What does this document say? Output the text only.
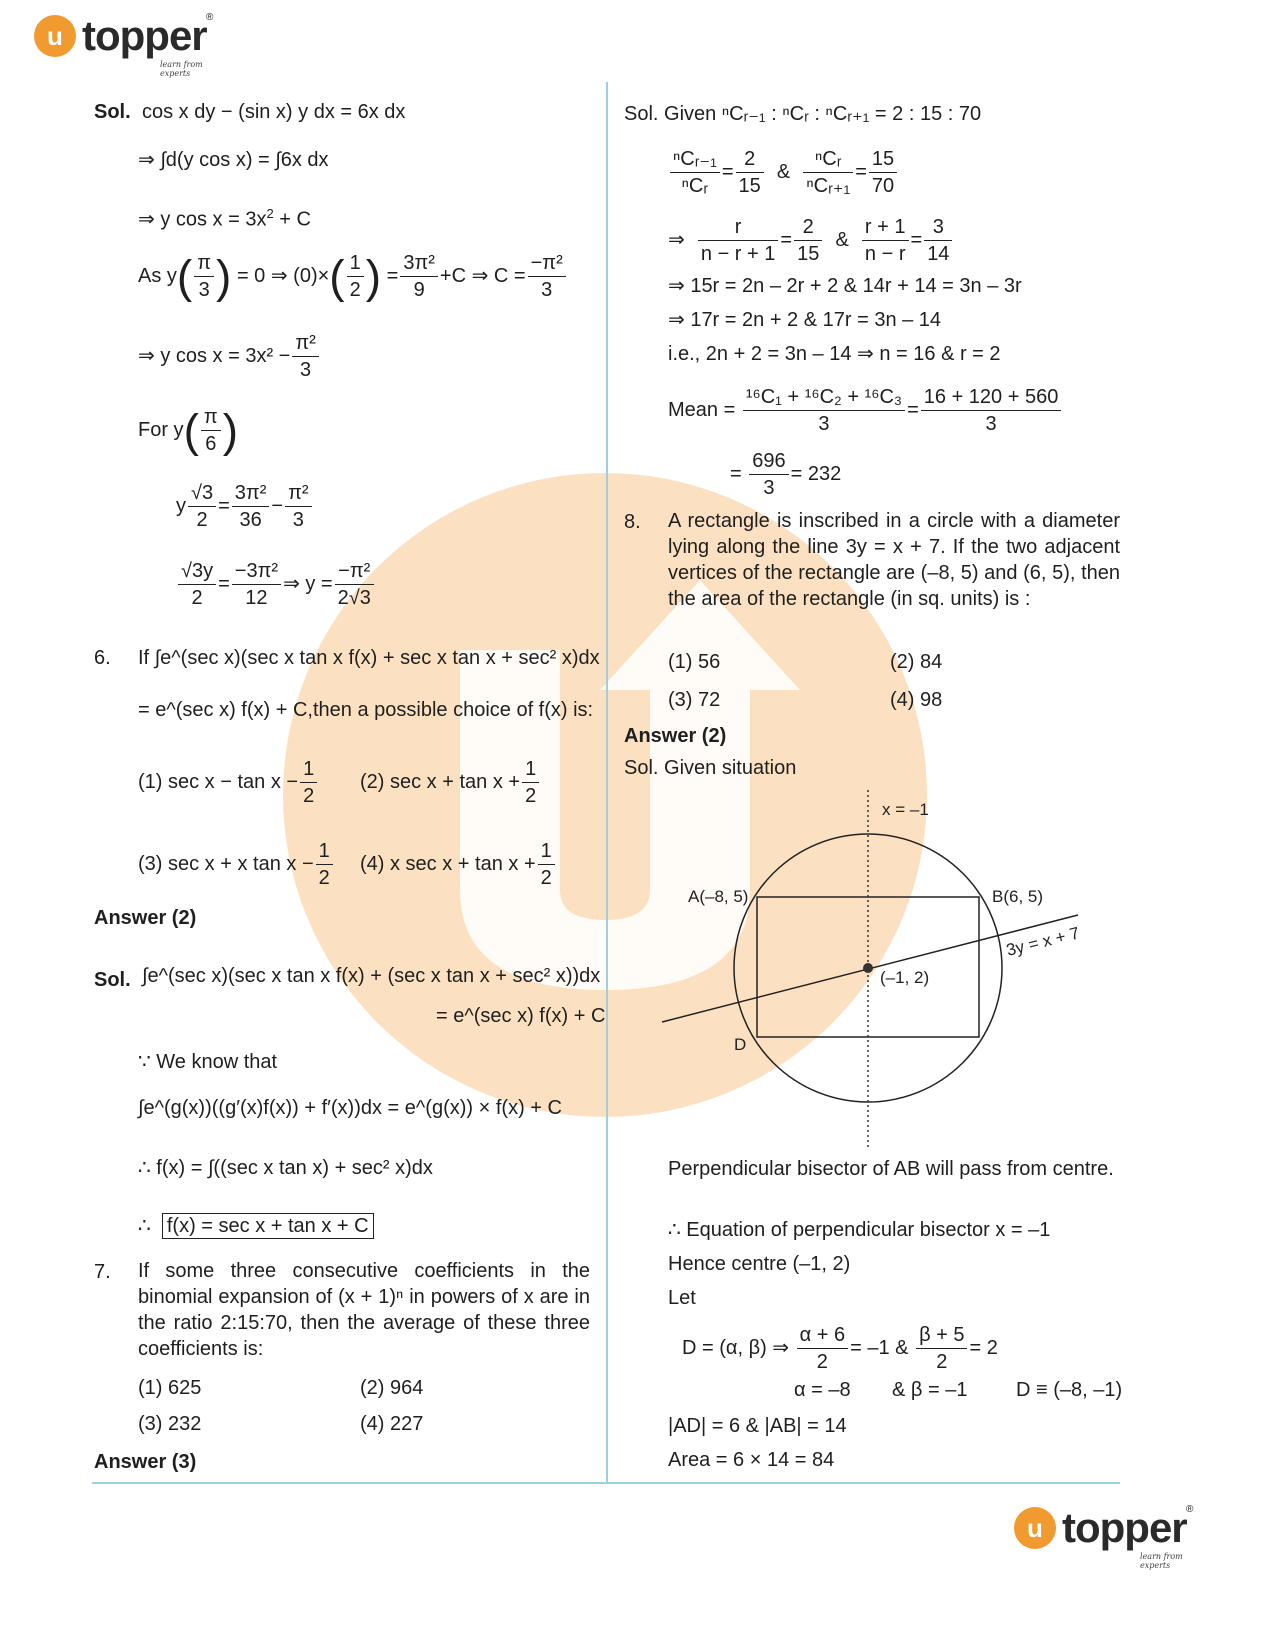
u topper ®
learn from experts
u topper ®
learn from experts
Sol. cos x dy − (sin x) y dx = 6x dx
⇒ ∫d(y cos x) = ∫6x dx
⇒ y $\cos x = 3x^2 + C$
As $y( \frac{\pi}{3}$ ) = 0 ⇒ $(0)\times( \frac{1}{2}$ ) = $\frac{\text{3π²}}{9} +C$ ⇒ $C = \frac{\text{−π²}}{3}$
⇒ y $\cos x = 3x^2 - \frac{\text{π²}}{3}$
For $y( \frac{\pi}{6}$ )
y $\frac{√3}{2} = \frac{\text{3π²}}{36} - \frac{\text{π²}}{3}$
$\frac{√3y}{2} = \frac{\text{−3π²}}{12}$ ⇒ $y = \frac{\text{−π²}}{2√3}$
6. If ∫e^(sec x)(sec x tan x f(x) + sec x tan x + sec² x)dx
= e^(sec x) f(x) + C,then a possible choice of f(x) is:
(1) $\sec x - \tan x - \frac{1}{2} (2)$ $\sec x + \tan x + \frac{1}{2}$
(3) sec x + x $\tan x - \frac{1}{2} (4)$ x $\sec x + \tan x + \frac{1}{2}$
Answer (2)
Sol. ∫e^(sec x)(sec x tan x f(x) + (sec x tan x + sec² x))dx
= e^(sec x) f(x) + C
∵ We know that
∫e^(g(x))((g′(x)f(x)) + f′(x))dx = e^(g(x)) × f(x) + C
∴ f(x) = ∫((sec x tan x) + sec² x)dx
∴ f(x) = sec x + tan x + C
7. If some three consecutive coefficients in the binomial expansion of (x + 1)ⁿ in powers of x are in the ratio 2:15:70, then the average of these three coefficients is:
(1) 625	(2) 964
(3) 232	(4) 227
Answer (3)
Sol. Given ⁿCᵣ₋₁ : ⁿCᵣ : ⁿCᵣ₊₁ = 2 : 15 : 70
$\frac{\text{ⁿCᵣ₋₁}}{\text{ⁿCᵣ}} = \frac{2}{15}$ & $\frac{\text{ⁿCᵣ}}{\text{ⁿCᵣ₊₁}} = \frac{15}{70}$
⇒ $\frac{r}{n - r + 1} = \frac{2}{15}$ & $\frac{r + 1}{n - r} = \frac{3}{14}$
⇒ 15r = 2n – 2r + 2 & 14r + 14 = 3n – 3r
⇒ 17r = 2n + 2 & 17r = 3n – 14
i.e., 2n + 2 = 3n – 14 ⇒ n = 16 & r = 2
Mean = $\frac{\text{¹⁶C₁ + ¹⁶C₂ + ¹⁶C₃}}{3} = \frac{16 + 120 + 560}{3}$
= $\frac{696}{3} = 232$
8. A rectangle is inscribed in a circle with a diameter lying along the line 3y = x + 7. If the two adjacent vertices of the rectangle are (–8, 5) and (6, 5), then the area of the rectangle (in sq. units) is :
(1) 56	(2) 84
(3) 72	(4) 98
Answer (2)
Sol. Given situation
x = –1
A(–8, 5)	B(6, 5)
3y = x + 7
(–1, 2)
D
Perpendicular bisector of AB will pass from centre.
∴ Equation of perpendicular bisector x = –1
Hence centre (–1, 2)
Let
D = (α, β) ⇒ $\frac{\alpha + 6}{2} = -1$ & $\frac{\beta + 5}{2} = 2$
α = –8 & β = –1 D ≡ (–8, –1)
|AD| = 6 & |AB| = 14
Area = 6 × 14 = 84
